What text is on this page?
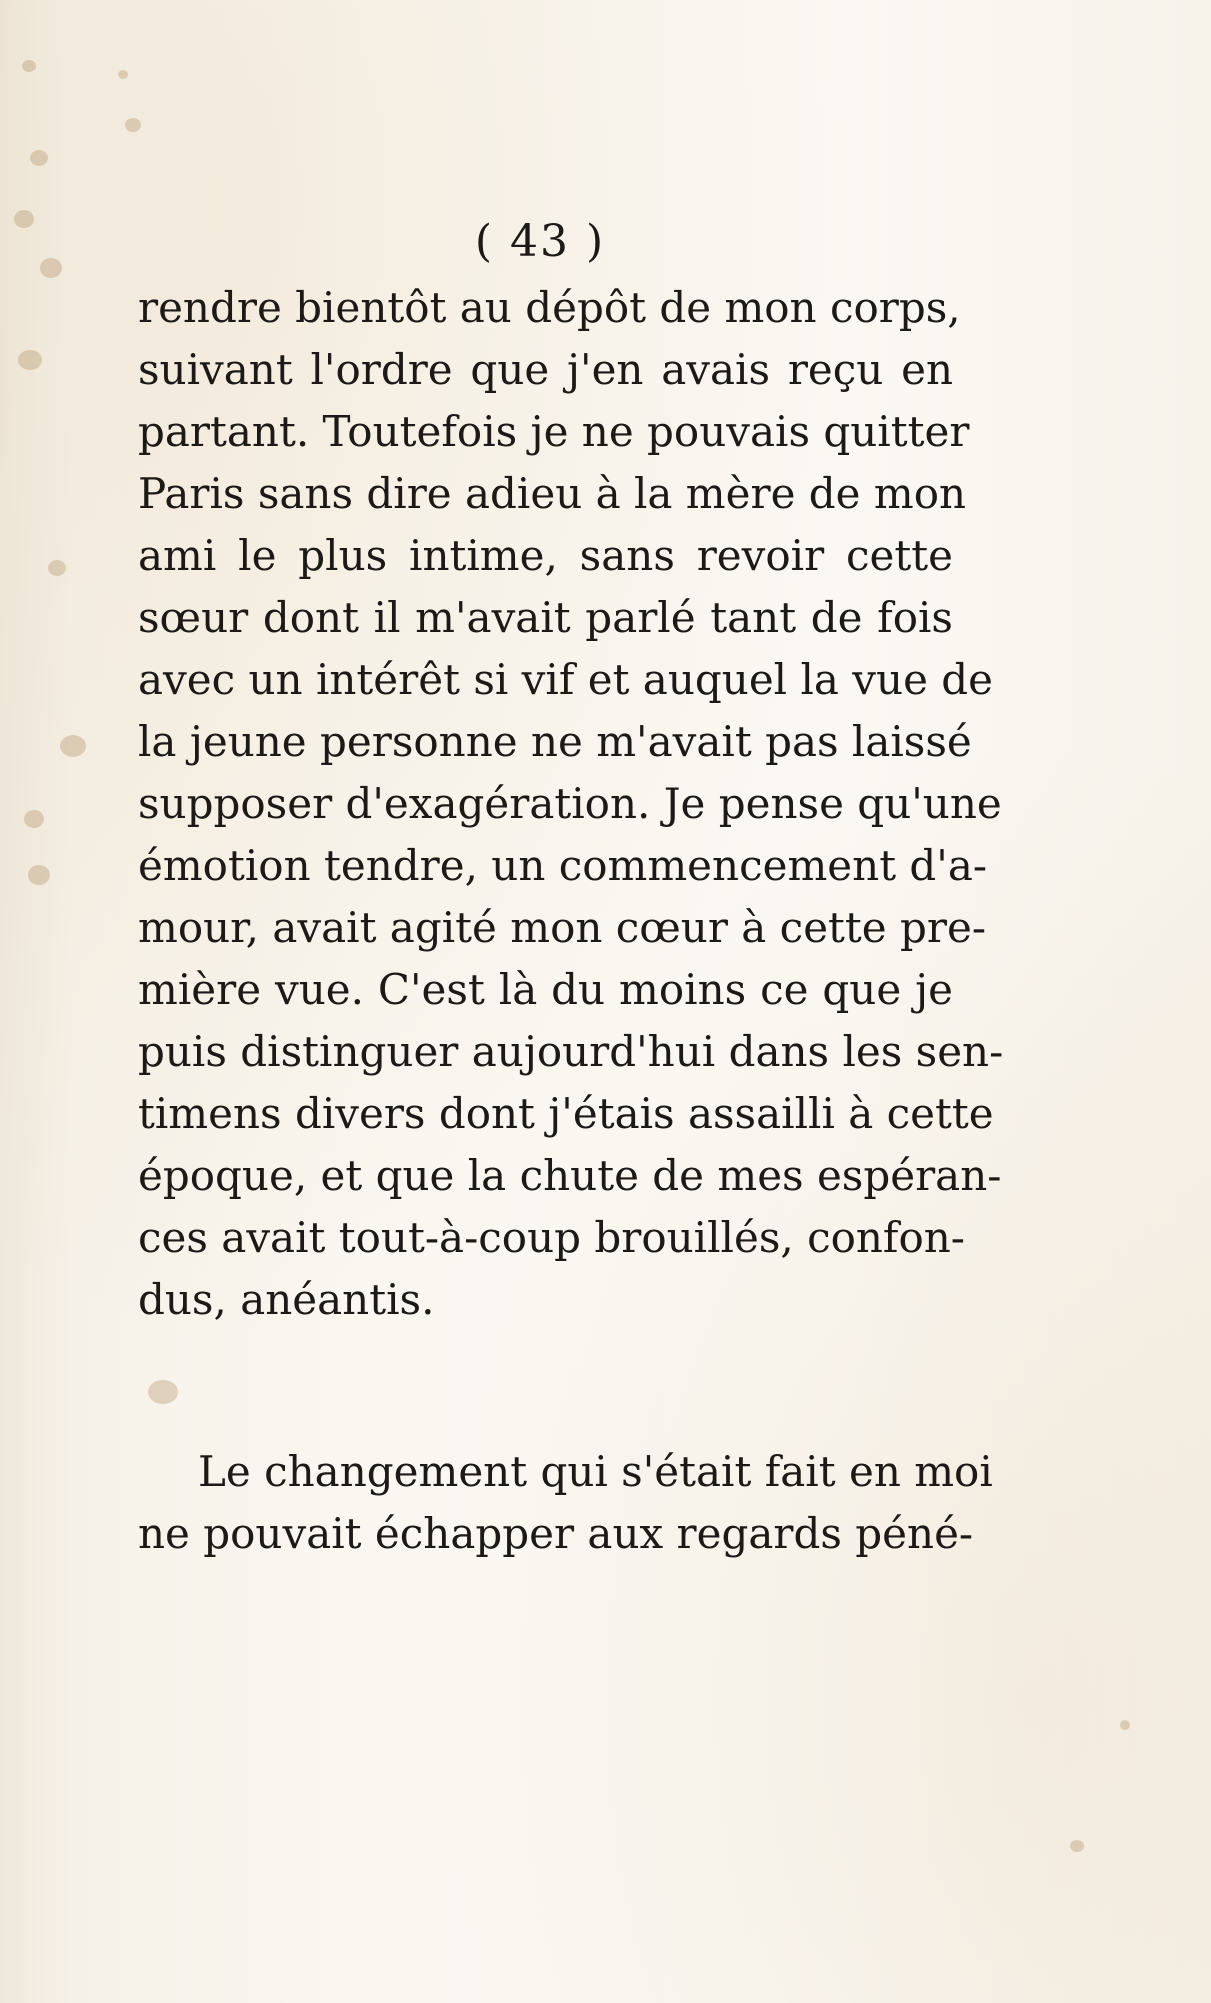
( 43 )
rendre bientôt au dépôt de mon corps,
suivant l'ordre que j'en avais reçu en
partant. Toutefois je ne pouvais quitter
Paris sans dire adieu à la mère de mon
ami le plus intime, sans revoir cette
sœur dont il m'avait parlé tant de fois
avec un intérêt si vif et auquel la vue de
la jeune personne ne m'avait pas laissé
supposer d'exagération. Je pense qu'une
émotion tendre, un commencement d'a-
mour, avait agité mon cœur à cette pre-
mière vue. C'est là du moins ce que je
puis distinguer aujourd'hui dans les sen-
timens divers dont j'étais assailli à cette
époque, et que la chute de mes espéran-
ces avait tout-à-coup brouillés, confon-
dus, anéantis.
Le changement qui s'était fait en moi
ne pouvait échapper aux regards péné-
